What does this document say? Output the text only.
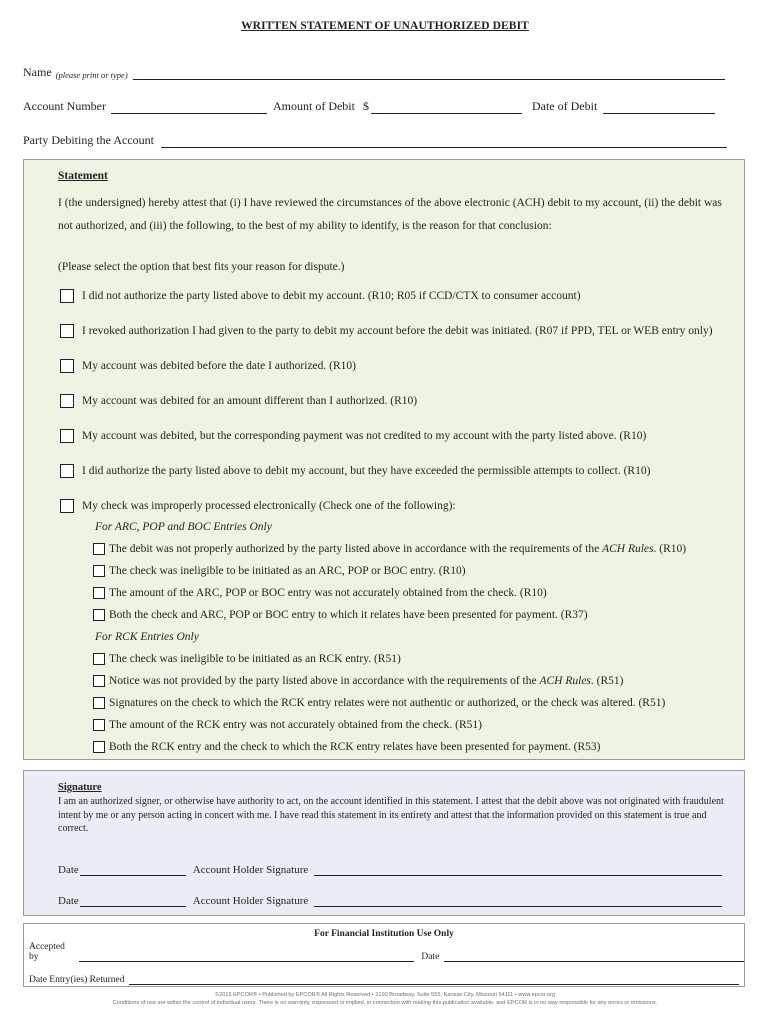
WRITTEN STATEMENT OF UNAUTHORIZED DEBIT
Name (please print or type)
Account Number	Amount of Debit $	Date of Debit
Party Debiting the Account
Statement
I (the undersigned) hereby attest that (i) I have reviewed the circumstances of the above electronic (ACH) debit to my account, (ii) the debit was not authorized, and (iii) the following, to the best of my ability to identify, is the reason for that conclusion:
(Please select the option that best fits your reason for dispute.)
I did not authorize the party listed above to debit my account. (R10; R05 if CCD/CTX to consumer account)
I revoked authorization I had given to the party to debit my account before the debit was initiated. (R07 if PPD, TEL or WEB entry only)
My account was debited before the date I authorized. (R10)
My account was debited for an amount different than I authorized. (R10)
My account was debited, but the corresponding payment was not credited to my account with the party listed above. (R10)
I did authorize the party listed above to debit my account, but they have exceeded the permissible attempts to collect. (R10)
My check was improperly processed electronically (Check one of the following):
For ARC, POP and BOC Entries Only
The debit was not properly authorized by the party listed above in accordance with the requirements of the ACH Rules. (R10)
The check was ineligible to be initiated as an ARC, POP or BOC entry. (R10)
The amount of the ARC, POP or BOC entry was not accurately obtained from the check. (R10)
Both the check and ARC, POP or BOC entry to which it relates have been presented for payment. (R37)
For RCK Entries Only
The check was ineligible to be initiated as an RCK entry. (R51)
Notice was not provided by the party listed above in accordance with the requirements of the ACH Rules. (R51)
Signatures on the check to which the RCK entry relates were not authentic or authorized, or the check was altered. (R51)
The amount of the RCK entry was not accurately obtained from the check. (R51)
Both the RCK entry and the check to which the RCK entry relates have been presented for payment. (R53)
Signature
I am an authorized signer, or otherwise have authority to act, on the account identified in this statement. I attest that the debit above was not originated with fraudulent intent by me or any person acting in concert with me. I have read this statement in its entirety and attest that the information provided on this statement is true and correct.
Date	Account Holder Signature
Date	Account Holder Signature
For Financial Institution Use Only
Accepted by	Date
Date Entry(ies) Returned
©2015 EPCOR® • Published by EPCOR® All Rights Reserved • 3100 Broadway, Suite 555, Kansas City, Missouri 64111 • www.epcor.org
Conditions of use are within the control of individual users. There is no warranty, expressed or implied, in connection with making this publication available, and EPCOR is in no way responsible for any errors or omissions.
